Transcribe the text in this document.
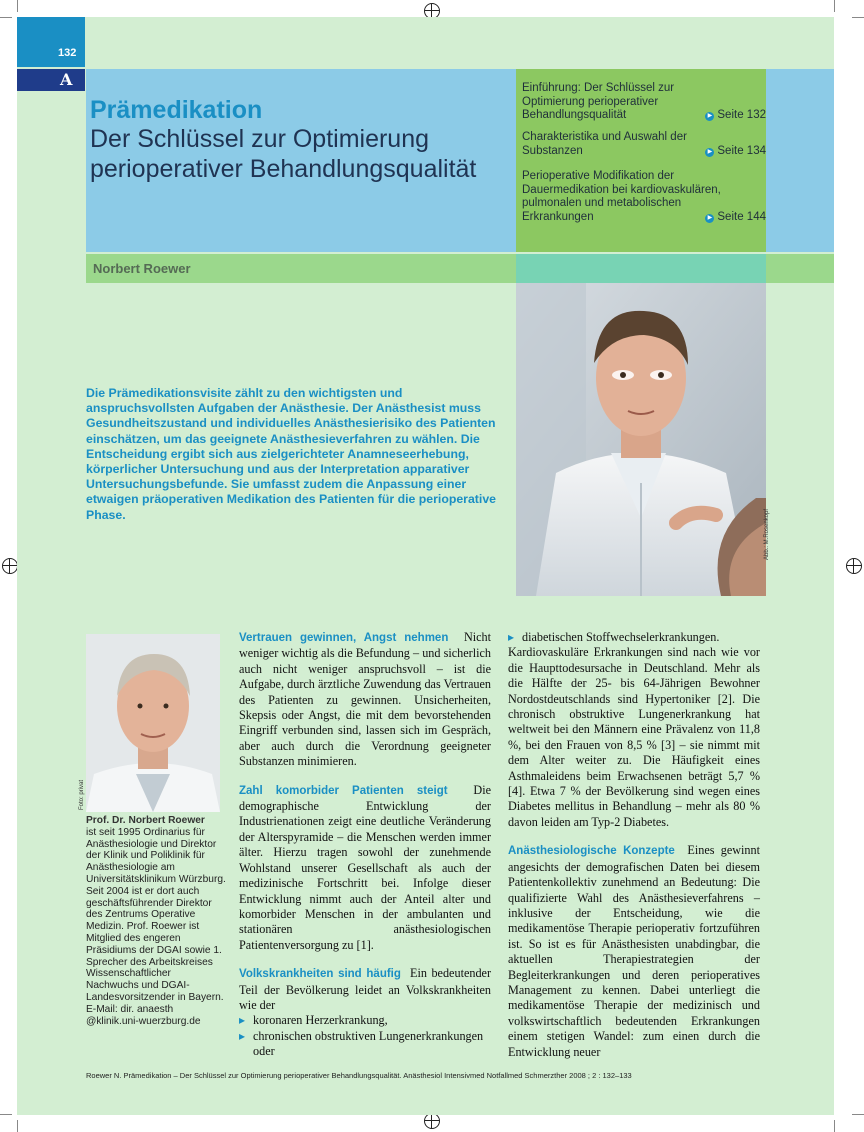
132
A
Prämedikation
Der Schlüssel zur Optimierung perioperativer Behandlungsqualität
Einführung: Der Schlüssel zur Optimierung perioperativer Behandlungsqualität	▶ Seite 132
Charakteristika und Auswahl der Substanzen	▶ Seite 134
Perioperative Modifikation der Dauermedikation bei kardiovaskulären, pulmonalen und metabolischen Erkrankungen	▶ Seite 144
Norbert Roewer
Abb.: M.Rosenkopf
Die Prämedikationsvisite zählt zu den wichtigsten und anspruchsvollsten Aufgaben der Anästhesie. Der Anästhesist muss Gesundheitszustand und individuelles Anästhesierisiko des Patienten einschätzen, um das geeignete Anästhesieverfahren zu wählen. Die Entscheidung ergibt sich aus zielgerichteter Anamneseerhebung, körperlicher Untersuchung und aus der Interpretation apparativer Untersuchungsbefunde. Sie umfasst zudem die Anpassung einer etwaigen präoperativen Medikation des Patienten für die perioperative Phase.
Foto: privat
Prof. Dr. Norbert Roewer
ist seit 1995 Ordinarius für Anästhesiologie und Direktor der Klinik und Poliklinik für Anästhesiologie am Universitätsklinikum Würzburg. Seit 2004 ist er dort auch geschäftsführender Direktor des Zentrums Operative Medizin. Prof. Roewer ist Mitglied des engeren Präsidiums der DGAI sowie 1. Sprecher des Arbeitskreises Wissenschaftlicher Nachwuchs und DGAI-Landesvorsitzender in Bayern. E-Mail: dir. anaesth @klinik.uni-wuerzburg.de

Vertrauen gewinnen, Angst nehmen Nicht weniger wichtig als die Befundung – und sicherlich auch nicht weniger anspruchsvoll – ist die Aufgabe, durch ärztliche Zuwendung das Vertrauen des Patienten zu gewinnen. Unsicherheiten, Skepsis oder Angst, die mit dem bevorstehenden Eingriff verbunden sind, lassen sich im Gespräch, aber auch durch die Verordnung geeigneter Substanzen minimieren.

Zahl komorbider Patienten steigt Die demographische Entwicklung der Industrienationen zeigt eine deutliche Veränderung der Alterspyramide – die Menschen werden immer älter. Hierzu tragen sowohl der zunehmende Wohlstand unserer Gesellschaft als auch der medizinische Fortschritt bei. Infolge dieser Entwicklung nimmt auch der Anteil alter und komorbider Menschen in der ambulanten und stationären anästhesiologischen Patientenversorgung zu [1].

Volkskrankheiten sind häufig Ein bedeutender Teil der Bevölkerung leidet an Volkskrankheiten wie der

▸ koronaren Herzerkrankung,
▸ chronischen obstruktiven Lungenerkrankungen oder
▸ diabetischen Stoffwechselerkrankungen.

Kardiovaskuläre Erkrankungen sind nach wie vor die Haupttodesursache in Deutschland. Mehr als die Hälfte der 25- bis 64-Jährigen Bewohner Nordostdeutschlands sind Hypertoniker [2]. Die chronisch obstruktive Lungenerkrankung hat weltweit bei den Männern eine Prävalenz von 11,8 %, bei den Frauen von 8,5 % [3] – sie nimmt mit dem Alter weiter zu. Die Häufigkeit eines Asthmaleidens beim Erwachsenen beträgt 5,7 % [4]. Etwa 7 % der Bevölkerung sind wegen eines Diabetes mellitus in Behandlung – mehr als 80 % davon leiden am Typ-2 Diabetes.

Anästhesiologische Konzepte Eines gewinnt angesichts der demografischen Daten bei diesem Patientenkollektiv zunehmend an Bedeutung: Die qualifizierte Wahl des Anästhesieverfahrens – inklusive der Entscheidung, wie die medikamentöse Therapie perioperativ fortzuführen ist. So ist es für Anästhesisten unabdingbar, die aktuellen Therapiestrategien der Begleiterkrankungen und deren perioperatives Management zu kennen. Dabei unterliegt die medikamentöse Therapie der medizinisch und volkswirtschaftlich bedeutenden Erkrankungen einem stetigen Wandel: zum einen durch die Entwicklung neuer

Roewer N. Prämedikation – Der Schlüssel zur Optimierung perioperativer Behandlungsqualität. Anästhesiol Intensivmed Notfallmed Schmerzther 2008 ; 2 : 132–133
